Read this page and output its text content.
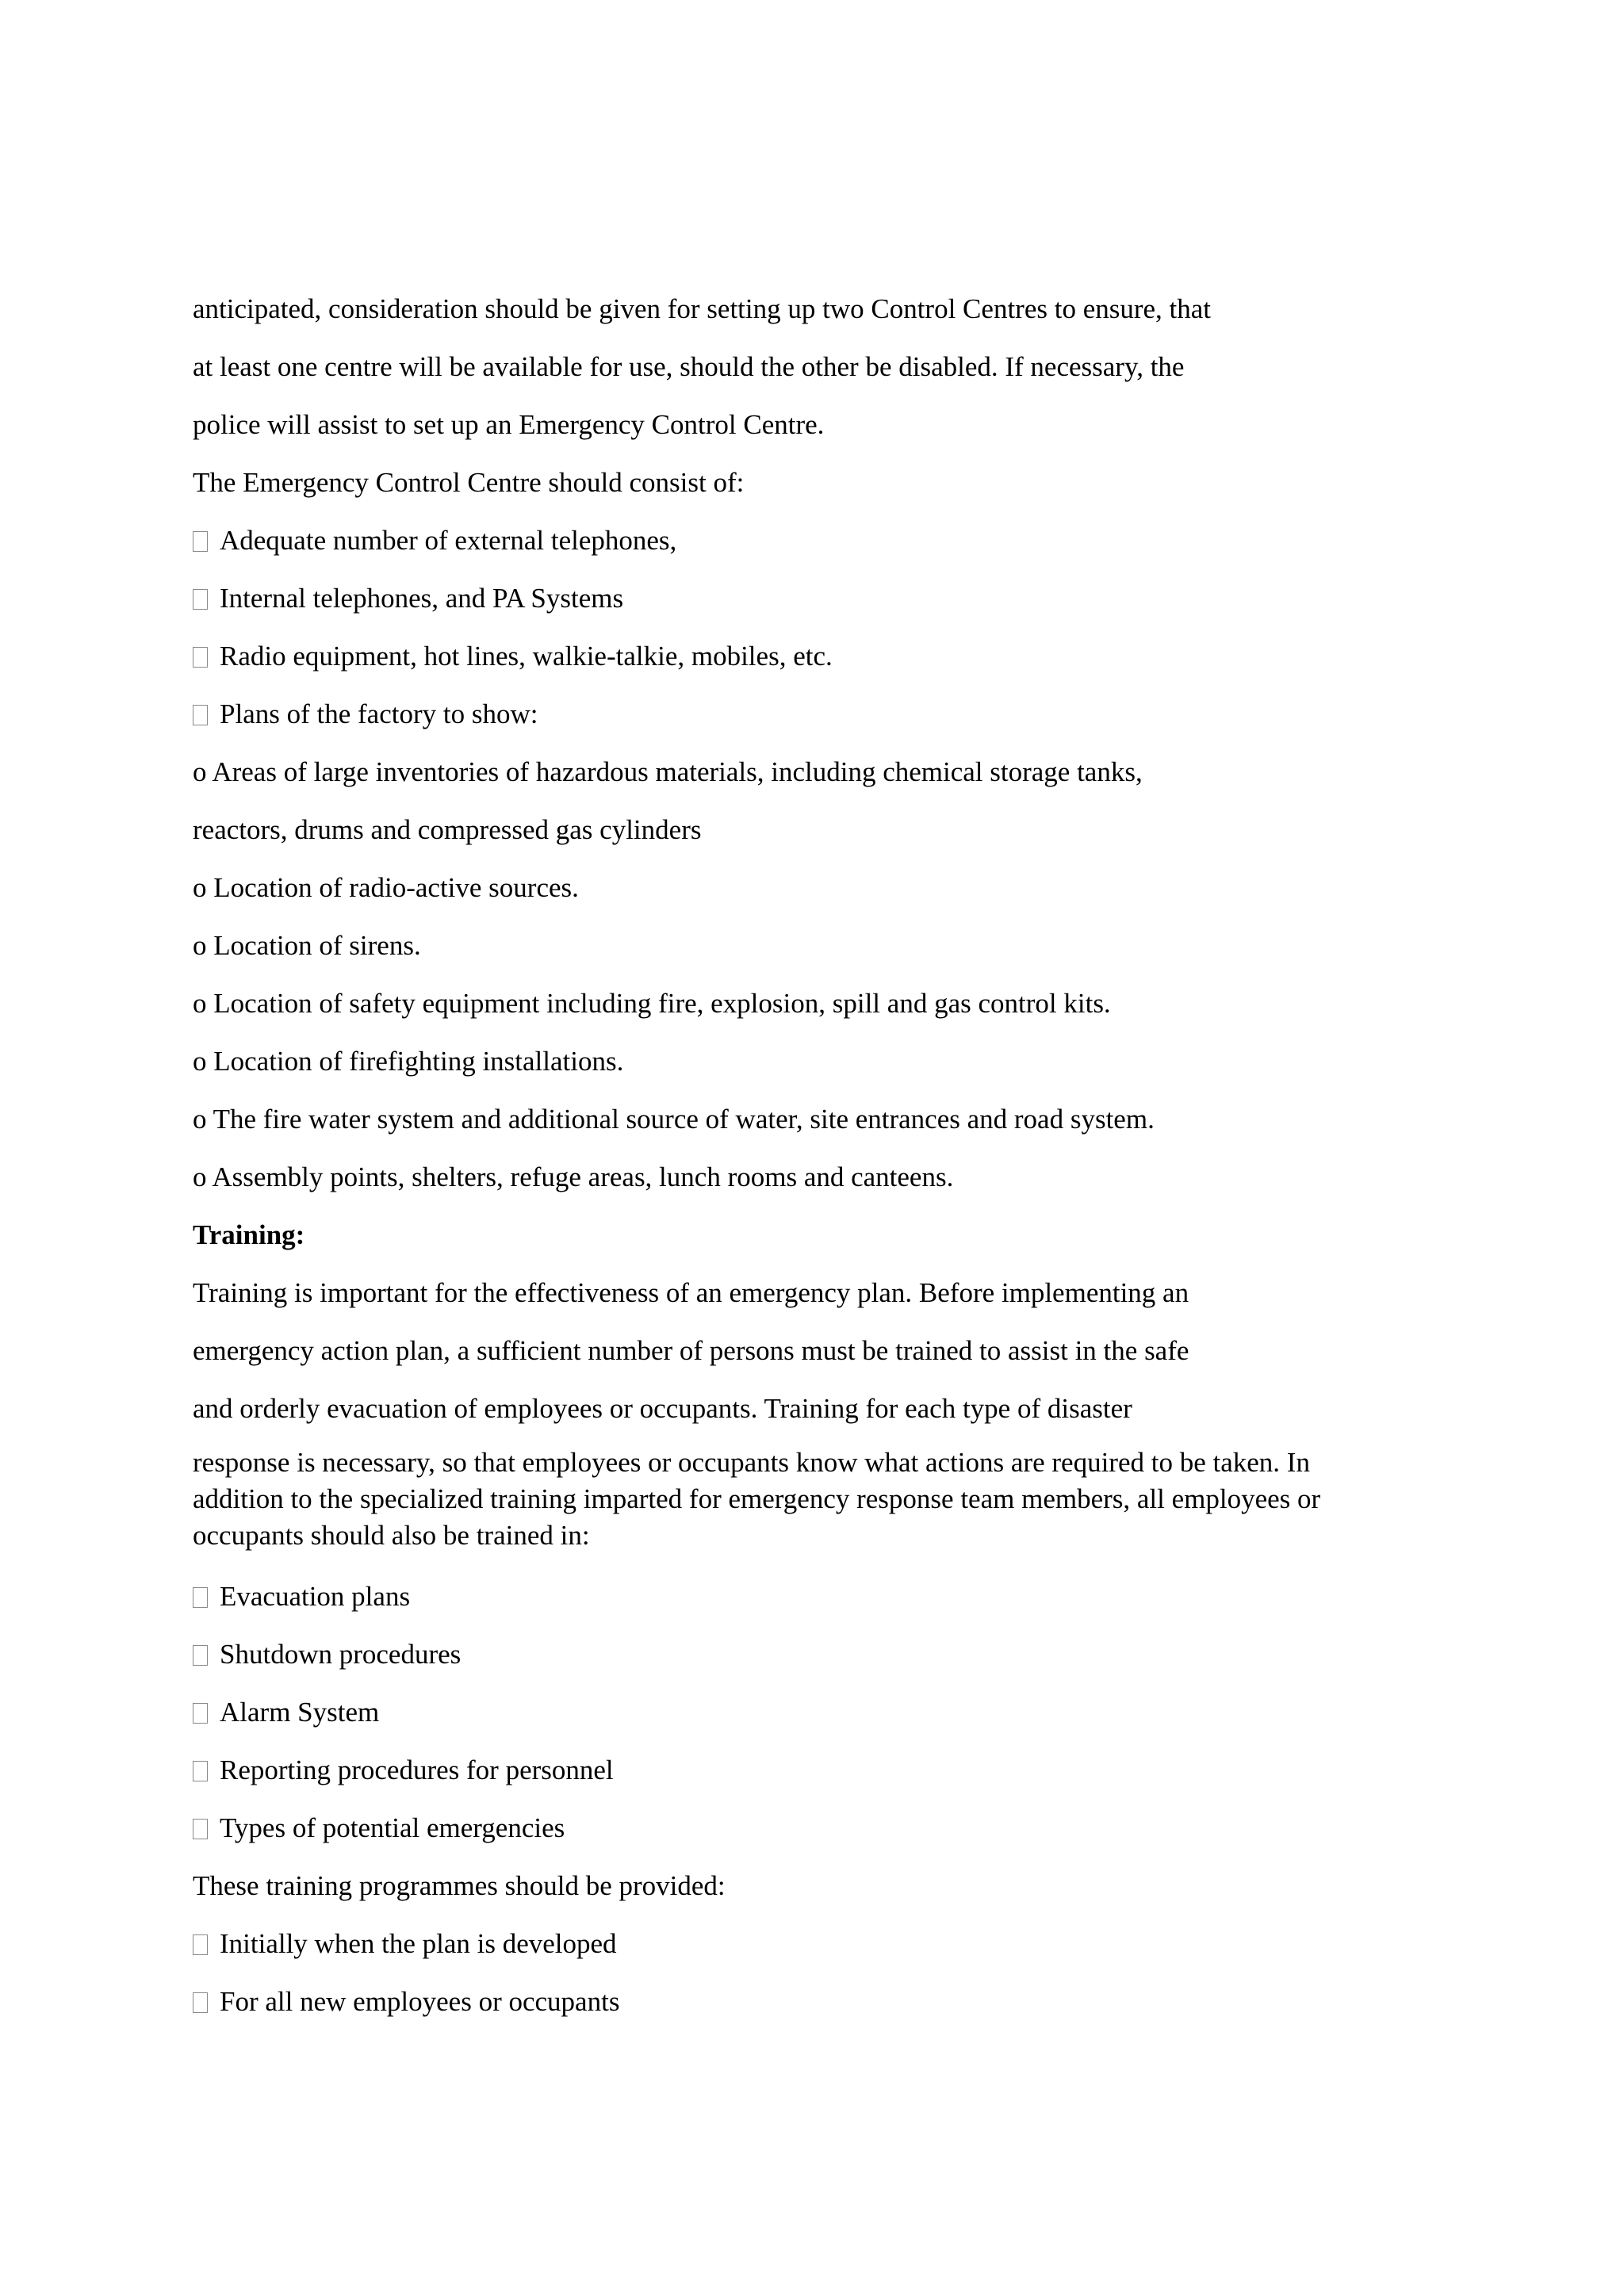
anticipated, consideration should be given for setting up two Control Centres to ensure, that
at least one centre will be available for use, should the other be disabled. If necessary, the
police will assist to set up an Emergency Control Centre.
The Emergency Control Centre should consist of:
Adequate number of external telephones,
Internal telephones, and PA Systems
Radio equipment, hot lines, walkie-talkie, mobiles, etc.
Plans of the factory to show:
o Areas of large inventories of hazardous materials, including chemical storage tanks,
reactors, drums and compressed gas cylinders
o Location of radio-active sources.
o Location of sirens.
o Location of safety equipment including fire, explosion, spill and gas control kits.
o Location of firefighting installations.
o The fire water system and additional source of water, site entrances and road system.
o Assembly points, shelters, refuge areas, lunch rooms and canteens.
Training:
Training is important for the effectiveness of an emergency plan. Before implementing an
emergency action plan, a sufficient number of persons must be trained to assist in the safe
and orderly evacuation of employees or occupants. Training for each type of disaster
response is necessary, so that employees or occupants know what actions are required to be taken. In addition to the specialized training imparted for emergency response team members, all employees or occupants should also be trained in:
Evacuation plans
Shutdown procedures
Alarm System
Reporting procedures for personnel
Types of potential emergencies
These training programmes should be provided:
Initially when the plan is developed
For all new employees or occupants
